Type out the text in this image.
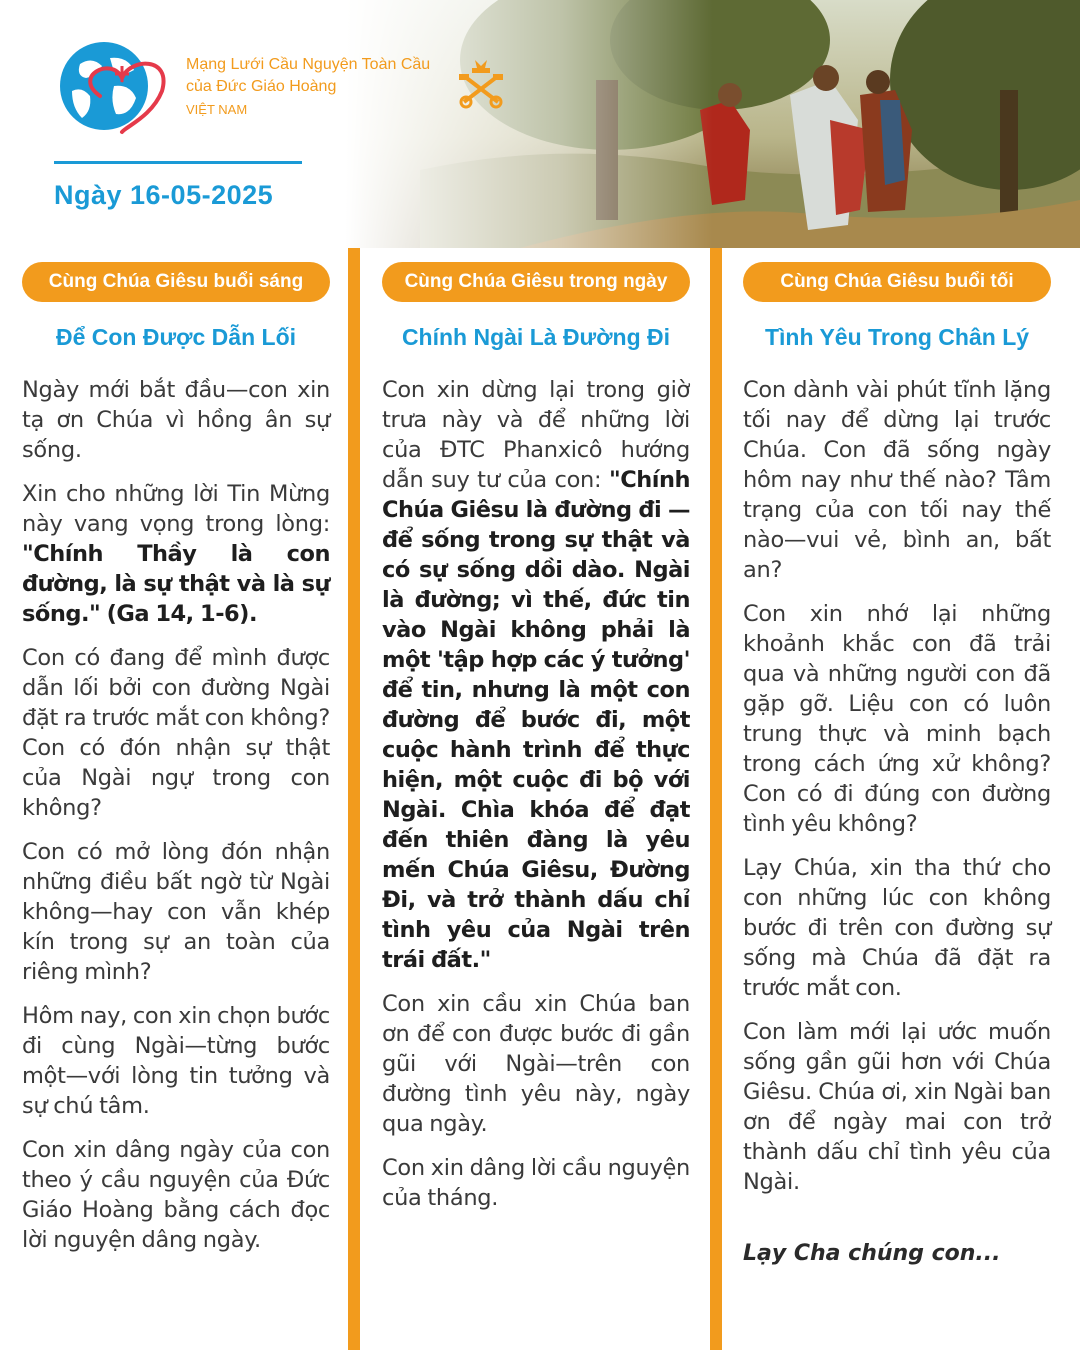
Mạng Lưới Cầu Nguyện Toàn Cầu
của Đức Giáo Hoàng
VIỆT NAM
Ngày 16-05-2025
Cùng Chúa Giêsu buổi sáng
Để Con Được Dẫn Lối

Ngày mới bắt đầu—con xin tạ ơn Chúa vì hồng ân sự sống.

Xin cho những lời Tin Mừng này vang vọng trong lòng: "Chính Thầy là con đường, là sự thật và là sự sống." (Ga 14, 1-6).

Con có đang để mình được dẫn lối bởi con đường Ngài đặt ra trước mắt con không? Con có đón nhận sự thật của Ngài ngự trong con không?

Con có mở lòng đón nhận những điều bất ngờ từ Ngài không—hay con vẫn khép kín trong sự an toàn của riêng mình?

Hôm nay, con xin chọn bước đi cùng Ngài—từng bước một—với lòng tin tưởng và sự chú tâm.

Con xin dâng ngày của con theo ý cầu nguyện của Đức Giáo Hoàng bằng cách đọc lời nguyện dâng ngày.

Cùng Chúa Giêsu trong ngày
Chính Ngài Là Đường Đi

Con xin dừng lại trong giờ trưa này và để những lời của ĐTC Phanxicô hướng dẫn suy tư của con: "Chính Chúa Giêsu là đường đi — để sống trong sự thật và có sự sống dồi dào. Ngài là đường; vì thế, đức tin vào Ngài không phải là một 'tập hợp các ý tưởng' để tin, nhưng là một con đường để bước đi, một cuộc hành trình để thực hiện, một cuộc đi bộ với Ngài. Chìa khóa để đạt đến thiên đàng là yêu mến Chúa Giêsu, Đường Đi, và trở thành dấu chỉ tình yêu của Ngài trên trái đất."

Con xin cầu xin Chúa ban ơn để con được bước đi gần gũi với Ngài—trên con đường tình yêu này, ngày qua ngày.

Con xin dâng lời cầu nguyện của tháng.

Cùng Chúa Giêsu buổi tối
Tình Yêu Trong Chân Lý

Con dành vài phút tĩnh lặng tối nay để dừng lại trước Chúa. Con đã sống ngày hôm nay như thế nào? Tâm trạng của con tối nay thế nào—vui vẻ, bình an, bất an?

Con xin nhớ lại những khoảnh khắc con đã trải qua và những người con đã gặp gỡ. Liệu con có luôn trung thực và minh bạch trong cách ứng xử không? Con có đi đúng con đường tình yêu không?

Lạy Chúa, xin tha thứ cho con những lúc con không bước đi trên con đường sự sống mà Chúa đã đặt ra trước mắt con.

Con làm mới lại ước muốn sống gần gũi hơn với Chúa Giêsu. Chúa ơi, xin Ngài ban ơn để ngày mai con trở thành dấu chỉ tình yêu của Ngài.

Lạy Cha chúng con...
